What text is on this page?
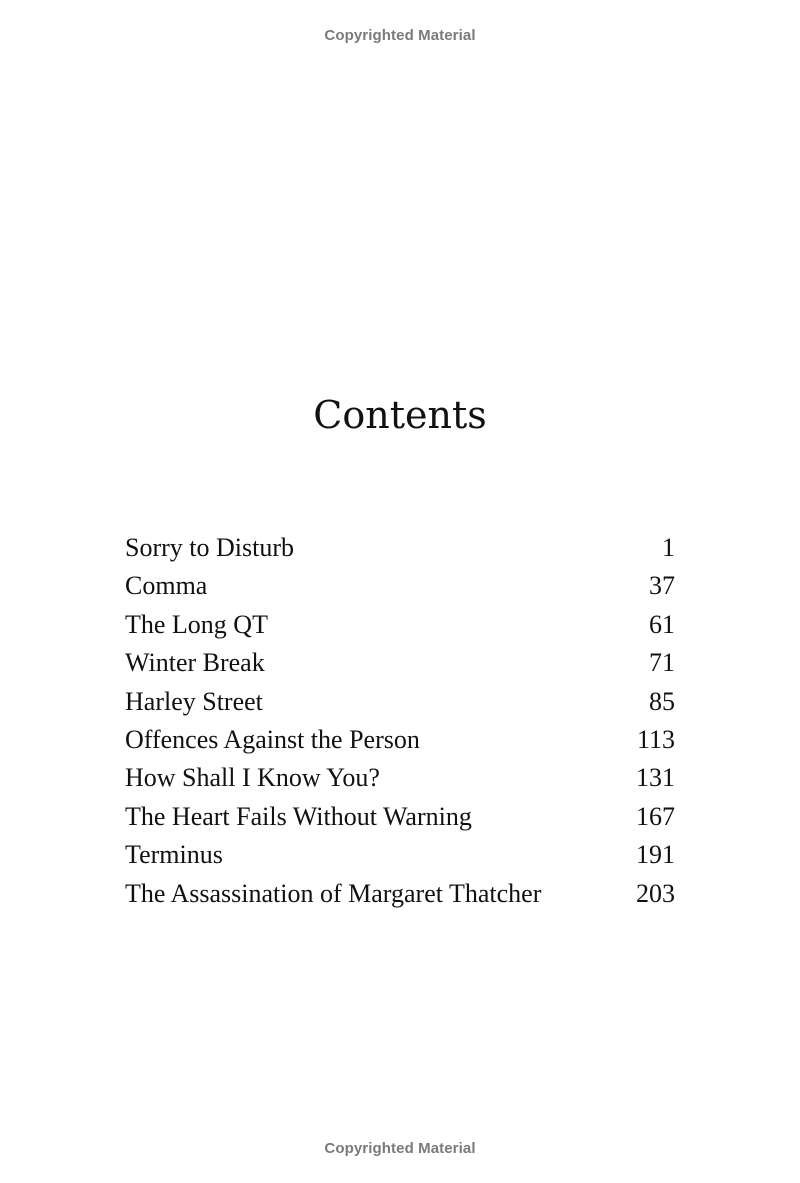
Copyrighted Material
Contents
Sorry to Disturb	1
Comma	37
The Long QT	61
Winter Break	71
Harley Street	85
Offences Against the Person	113
How Shall I Know You?	131
The Heart Fails Without Warning	167
Terminus	191
The Assassination of Margaret Thatcher	203
Copyrighted Material
